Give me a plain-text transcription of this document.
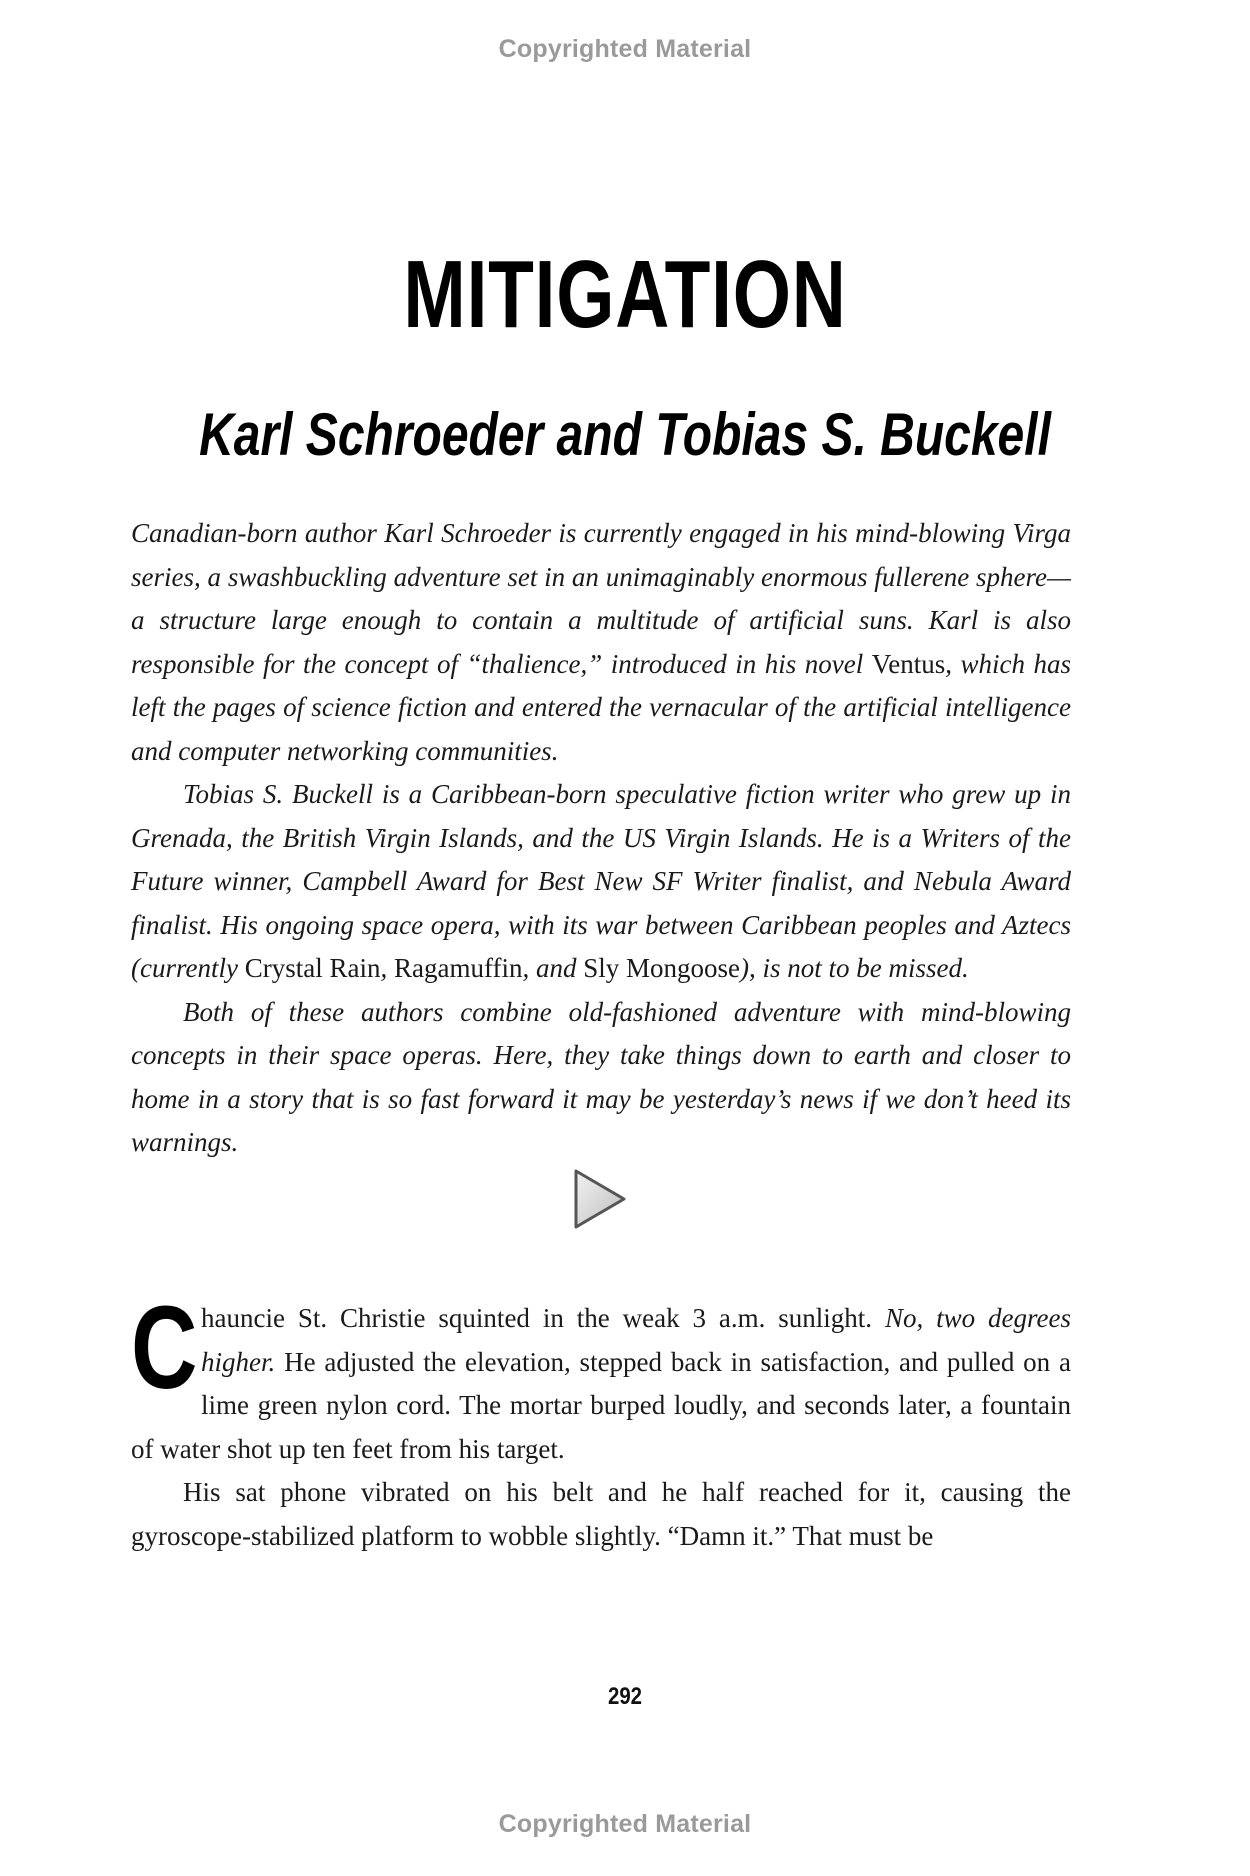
Copyrighted Material
MITIGATION
Karl Schroeder and Tobias S. Buckell

Canadian-born author Karl Schroeder is currently engaged in his mind-blowing Virga series, a swashbuckling adventure set in an unimaginably enormous fullerene sphere—a structure large enough to contain a multitude of artificial suns. Karl is also responsible for the concept of “thalience,” introduced in his novel Ventus, which has left the pages of science fiction and entered the vernacular of the artificial intelligence and computer networking communities.

Tobias S. Buckell is a Caribbean-born speculative fiction writer who grew up in Grenada, the British Virgin Islands, and the US Virgin Islands. He is a Writers of the Future winner, Campbell Award for Best New SF Writer finalist, and Nebula Award finalist. His ongoing space opera, with its war between Caribbean peoples and Aztecs (currently Crystal Rain, Ragamuffin, and Sly Mongoose), is not to be missed.

Both of these authors combine old-fashioned adventure with mind-blowing concepts in their space operas. Here, they take things down to earth and closer to home in a story that is so fast forward it may be yesterday’s news if we don’t heed its warnings.

Chauncie St. Christie squinted in the weak 3 a.m. sunlight. No, two degrees higher. He adjusted the elevation, stepped back in satisfaction, and pulled on a lime green nylon cord. The mortar burped loudly, and seconds later, a fountain of water shot up ten feet from his target.

His sat phone vibrated on his belt and he half reached for it, causing the gyroscope-stabilized platform to wobble slightly. “Damn it.” That must be

292
Copyrighted Material
